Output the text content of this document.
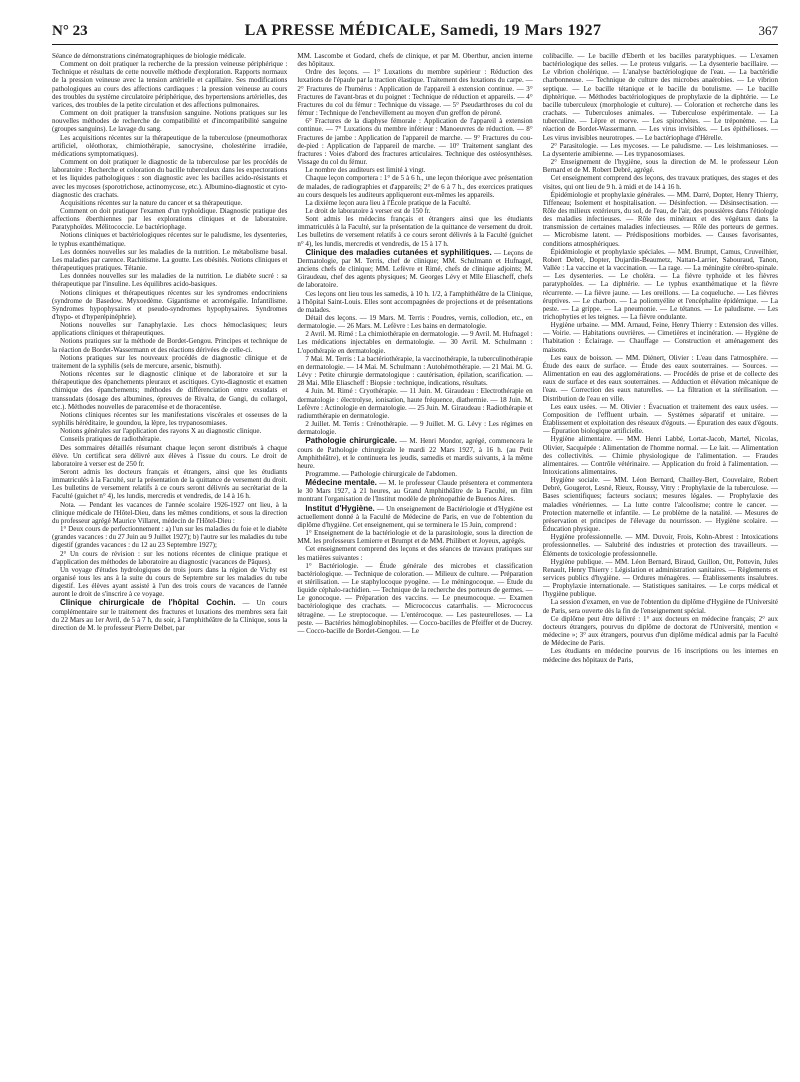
N° 23	LA PRESSE MÉDICALE, Samedi, 19 Mars 1927	367

Séance de démonstrations cinématographiques de biologie médicale.

Comment on doit pratiquer la recherche de la pression veineuse périphérique : Technique et résultats de cette nouvelle méthode d'exploration. Rapports normaux de la pression veineuse avec la tension artérielle et capillaire. Ses modifications pathologiques au cours des affections cardiaques : la pression veineuse au cours des troubles du système circulatoire périphérique, des hypertensions artérielles, des varices, des troubles de la petite circulation et des affections pulmonaires.

Comment on doit pratiquer la transfusion sanguine. Notions pratiques sur les nouvelles méthodes de recherche de compatibilité et d'incompatibilité sanguine (groupes sanguins). Le lavage du sang.

Les acquisitions récentes sur la thérapeutique de la tuberculose (pneumothorax artificiel, oléothorax, chimiothérapie, sanocrysine, cholestérine irradiée, médications symptomatiques).

Comment on doit pratiquer le diagnostic de la tuberculose par les procédés de laboratoire : Recherche et coloration du bacille tuberculeux dans les expectorations et les liquides pathologiques : son diagnostic avec les bacilles acido-résistants et avec les mycoses (sporotrichose, actinomycose, etc.). Albumino-diagnostic et cyto-diagnostic des crachats.

Acquisitions récentes sur la nature du cancer et sa thérapeutique.

Comment on doit pratiquer l'examen d'un typhoïdique. Diagnostic pratique des affections éberthiennes par les explorations cliniques et de laboratoire. Paratyphoïdes. Mélitococcie. Le bactériophage.

Notions cliniques et bactériologiques récentes sur le paludisme, les dysenteries, le typhus exanthématique.

Les données nouvelles sur les maladies de la nutrition. Le métabolisme basal. Les maladies par carence. Rachitisme. La goutte. Les obésités. Notions cliniques et thérapeutiques pratiques. Tétanie.

Les données nouvelles sur les maladies de la nutrition. Le diabète sucré : sa thérapeutique par l'insuline. Les équilibres acido-basiques.

Notions cliniques et thérapeutiques récentes sur les syndromes endocriniens (syndrome de Basedow. Myxoedème. Gigantisme et acromégalie. Infantilisme. Syndromes hypophysaires et pseudo-syndromes hypophysaires. Syndromes d'hypo- et d'hyperépinéphrie).

Notions nouvelles sur l'anaphylaxie. Les chocs hémoclasiques; leurs applications cliniques et thérapeutiques.

Notions pratiques sur la méthode de Bordet-Gengou. Principes et technique de la réaction de Bordet-Wassermann et des réactions dérivées de celle-ci.

Notions pratiques sur les nouveaux procédés de diagnostic clinique et de traitement de la syphilis (sels de mercure, arsenic, bismuth).

Notions récentes sur le diagnostic clinique et de laboratoire et sur la thérapeutique des épanchements pleuraux et ascitiques. Cyto-diagnostic et examen chimique des épanchements; méthodes de différenciation entre exsudats et transsudats (dosage des albumines, épreuves de Rivalta, de Gangi, du collargol, etc.). Méthodes nouvelles de paracentèse et de thoracentèse.

Notions cliniques récentes sur les manifestations viscérales et osseuses de la syphilis héréditaire, le goundou, la lèpre, les trypanosomiases.

Notions générales sur l'application des rayons X au diagnostic clinique.

Conseils pratiques de radiothérapie.

Des sommaires détaillés résumant chaque leçon seront distribués à chaque élève. Un certificat sera délivré aux élèves à l'issue du cours. Le droit de laboratoire à verser est de 250 fr.

Seront admis les docteurs français et étrangers, ainsi que les étudiants immatriculés à la Faculté, sur la présentation de la quittance de versement du droit. Les bulletins de versement relatifs à ce cours seront délivrés au secrétariat de la Faculté (guichet n° 4), les lundis, mercredis et vendredis, de 14 à 16 h.

Nota. — Pendant les vacances de l'année scolaire 1926-1927 ont lieu, à la clinique médicale de l'Hôtel-Dieu, dans les mêmes conditions, et sous la direction du professeur agrégé Maurice Villaret, médecin de l'Hôtel-Dieu :

1° Deux cours de perfectionnement : a) l'un sur les maladies du foie et le diabète (grandes vacances : du 27 Juin au 9 Juillet 1927); b) l'autre sur les maladies du tube digestif (grandes vacances : du 12 au 23 Septembre 1927);

2° Un cours de révision : sur les notions récentes de clinique pratique et d'application des méthodes de laboratoire au diagnostic (vacances de Pâques).

Un voyage d'études hydrologiques de trois jours dans la région de Vichy est organisé tous les ans à la suite du cours de Septembre sur les maladies du tube digestif. Les élèves ayant assisté à l'un des trois cours de vacances de l'année auront le droit de s'inscrire à ce voyage.

Clinique chirurgicale de l'hôpital Cochin. — Un cours complémentaire sur le traitement des fractures et luxations des membres sera fait du 22 Mars au 1er Avril, de 5 à 7 h, du soir, à l'amphithéâtre de la Clinique, sous la direction de M. le professeur Pierre Delbet, par

MM. Lascombe et Godard, chefs de clinique, et par M. Oberthur, ancien interne des hôpitaux.

Ordre des leçons. — 1° Luxations du membre supérieur : Réduction des luxations de l'épaule par la traction élastique. Traitement des luxations du carpe. — 2° Fractures de l'humérus : Application de l'appareil à extension continue. — 3° Fractures de l'avant-bras et du poignet : Technique de réduction et appareils. — 4° Fractures du col du fémur : Technique du vissage. — 5° Pseudarthroses du col du fémur : Technique de l'enchevillement au moyen d'un greffon de péroné.

6° Fractures de la diaphyse fémorale : Application de l'appareil à extension continue. — 7° Luxations du membre inférieur : Manoeuvres de réduction. — 8° Fractures de jambe : Application de l'appareil de marche. — 9° Fractures du cou-de-pied : Application de l'appareil de marche. — 10° Traitement sanglant des fractures : Voies d'abord des fractures articulaires. Technique des ostéosynthèses. Vissage du col du fémur.

Le nombre des auditeurs est limité à vingt.

Chaque leçon comportera : 1° de 5 à 6 h., une leçon théorique avec présentation de malades, de radiographies et d'appareils; 2° de 6 à 7 h., des exercices pratiques au cours desquels les auditeurs appliqueront eux-mêmes les appareils.

La dixième leçon aura lieu à l'École pratique de la Faculté.

Le droit de laboratoire à verser est de 150 fr.

Sont admis les médecins français et étrangers ainsi que les étudiants immatriculés à la Faculté, sur la présentation de la quittance de versement du droit. Les bulletins de versement relatifs à ce cours seront délivrés à la Faculté (guichet n° 4), les lundis, mercredis et vendredis, de 15 à 17 h.

Clinique des maladies cutanées et syphilitiques. — Leçons de Dermatologie, par M. Terris, chef de clinique; MM. Schulmann et Hufnagel, anciens chefs de clinique; MM. Lefèvre et Rimé, chefs de clinique adjoints; M. Giraudeau, chef des agents physiques; M. Georges Lévy et Mlle Eliascheff, chefs de laboratoire.

Ces leçons ont lieu tous les samedis, à 10 h. 1/2, à l'amphithéâtre de la Clinique, à l'hôpital Saint-Louis. Elles sont accompagnées de projections et de présentations de malades.

Détail des leçons. — 19 Mars. M. Terris : Poudres, vernis, collodion, etc., en dermatologie. — 26 Mars. M. Lefèvre : Les bains en dermatologie.

2 Avril. M. Rimé : La chimiothérapie en dermatologie. — 9 Avril. M. Hufnagel : Les médications injectables en dermatologie. — 30 Avril. M. Schulmann : L'opothérapie en dermatologie.

7 Mai. M. Terris : La bactériothérapie, la vaccinothérapie, la tuberculinothérapie en dermatologie. — 14 Mai. M. Schulmann : Autohémothérapie. — 21 Mai. M. G. Lévy : Petite chirurgie dermatologique : cautérisation, épilation, scarification. — 28 Mai. Mlle Eliascheff : Biopsie : technique, indications, résultats.

4 Juin. M. Rimé : Cryothérapie. — 11 Juin. M. Giraudeau : Electrothérapie en dermatologie : électrolyse, ionisation, haute fréquence, diathermie. — 18 Juin. M. Lefèvre : Actinologie en dermatologie. — 25 Juin. M. Giraudeau : Radiothérapie et radiumthérapie en dermatologie.

2 Juillet. M. Terris : Crénothérapie. — 9 Juillet. M. G. Lévy : Les régimes en dermatologie.

Pathologie chirurgicale. — M. Henri Mondor, agrégé, commencera le cours de Pathologie chirurgicale le mardi 22 Mars 1927, à 16 h. (au Petit Amphithéâtre), et le continuera les jeudis, samedis et mardis suivants, à la même heure.

Programme. — Pathologie chirurgicale de l'abdomen.

Médecine mentale. — M. le professeur Claude présentera et commentera le 30 Mars 1927, à 21 heures, au Grand Amphithéâtre de la Faculté, un film montrant l'organisation de l'Institut modèle de phrénopathie de Buenos Aires.

Institut d'Hygiène. — Un enseignement de Bactériologie et d'Hygiène est actuellement donné à la Faculté de Médecine de Paris, en vue de l'obtention du diplôme d'hygiène. Cet enseignement, qui se terminera le 15 Juin, comprend :

1° Enseignement de la bactériologie et de la parasitologie, sous la direction de MM. les professeurs Lemierre et Brumpt et de MM. Philibert et Joyeux, agrégés.

Cet enseignement comprend des leçons et des séances de travaux pratiques sur les matières suivantes :

1° Bactériologie. — Étude générale des microbes et classification bactériologique. — Technique de coloration. — Milieux de culture. — Préparation et stérilisation. — Le staphylocoque pyogène. — Le méningocoque. — Étude du liquide céphalo-rachidien. — Technique de la recherche des porteurs de germes. — Le gonocoque. — Préparation des vaccins. — Le pneumocoque. — Examen bactériologique des crachats. — Micrococcus catarrhalis. — Micrococcus tétragène. — Le streptocoque. — L'entérocoque. — Les pasteurelloses. — La peste. — Bactéries hémoglobinophiles. — Cocco-bacilles de Pfeiffer et de Ducrey. — Cocco-bacille de Bordet-Gengou. — Le

colibacille. — Le bacille d'Eberth et les bacilles paratyphiques. — L'examen bactériologique des selles. — Le proteus vulgaris. — La dysenterie bacillaire. — Le vibrion cholérique. — L'analyse bactériologique de l'eau. — La bactéridie charbonneuse. — Technique de culture des microbes anaérobies. — Le vibrion septique. — Le bacille tétanique et le bacille du botulisme. — Le bacille diphtérique. — Méthodes bactériologiques de prophylaxie de la diphtérie. — Le bacille tuberculeux (morphologie et culture). — Coloration et recherche dans les crachats. — Tuberculoses animales. — Tuberculose expérimentale. — La tuberculine. — Lèpre et morve. — Les spirochètes. — Le tréponème. — La réaction de Bordet-Wassermann. — Les virus invisibles. — Les épithélioses. — Les virus invisibles neurotropes. — Le bactériophage d'Hérelle.

2° Parasitologie. — Les mycoses. — Le paludisme. — Les leishmanioses. — La dysenterie amibienne. — Les trypanosomiases.

2° Enseignement de l'hygiène, sous la direction de M. le professeur Léon Bernard et de M. Robert Debré, agrégé.

Cet enseignement comprend des leçons, des travaux pratiques, des stages et des visites, qui ont lieu de 9 h. à midi et de 14 à 16 h.

Épidémiologie et prophylaxie générales. — MM. Darré, Dopter, Henry Thierry, Tiffeneau; Isolement et hospitalisation. — Désinfection. — Désinsectisation. — Rôle des milieux extérieurs, du sol, de l'eau, de l'air, des poussières dans l'étiologie des maladies infectieuses. — Rôle des minéraux et des végétaux dans la transmission de certaines maladies infectieuses. — Rôle des porteurs de germes. — Microbisme latent. — Prédispositions morbides. — Causes favorisantes, conditions atmosphériques.

Épidémiologie et prophylaxie spéciales. — MM. Brumpt, Camus, Cruveilhier, Robert Debré, Dopter, Dujardin-Beaumetz, Nattan-Larrier, Sabouraud, Tanon, Vallée : La vaccine et la vaccination. — La rage. — La méningite cérébro-spinale. — Les dysenteries. — Le choléra. — La fièvre typhoïde et les fièvres paratyphoïdes. — La diphtérie. — Le typhus exanthématique et la fièvre récurrente. — La fièvre jaune. — Les oreillons. — La coqueluche. — Les fièvres éruptives. — Le charbon. — La poliomyélite et l'encéphalite épidémique. — La peste. — La grippe. — La pneumonie. — Le tétanos. — Le paludisme. — Les trichophyties et les teignes. — La fièvre ondulante.

Hygiène urbaine. — MM. Arnaud, Feine, Henry Thierry : Extension des villes. — Voirie. — Habitations ouvrières. — Cimetières et incinération. — Hygiène de l'habitation : Éclairage. — Chauffage — Construction et aménagement des maisons.

Les eaux de boisson. — MM. Diénert, Olivier : L'eau dans l'atmosphère. — Étude des eaux de surface. — Étude des eaux souterraines. — Sources. — Alimentation en eau des agglomérations. — Procédés de prise et de collecte des eaux de surface et des eaux souterraines. — Adduction et élévation mécanique de l'eau. — Correction des eaux naturelles. — La filtration et la stérilisation. — Distribution de l'eau en ville.

Les eaux usées. — M. Olivier : Évacuation et traitement des eaux usées. — Composition de l'effluent urbain. — Systèmes séparatif et unitaire. — Établissement et exploitation des réseaux d'égouts. — Épuration des eaux d'égouts. — Épuration biologique artificielle.

Hygiène alimentaire. — MM. Henri Labbé, Lortat-Jacob, Martel, Nicolas, Olivier, Sacquépée : Alimentation de l'homme normal. — Le lait. — Alimentation des collectivités. — Chimie physiologique de l'alimentation. — Fraudes alimentaires. — Contrôle vétérinaire. — Application du froid à l'alimentation. — Intoxications alimentaires.

Hygiène sociale. — MM. Léon Bernard, Chailley-Bert, Couvelaire, Robert Debré, Gougerot, Lesné, Rieux, Roussy, Vitry : Prophylaxie de la tuberculose. — Bases scientifiques; facteurs sociaux; mesures légales. — Prophylaxie des maladies vénériennes. — La lutte contre l'alcoolisme; contre le cancer. — Protection maternelle et infantile. — Le problème de la natalité. — Mesures de préservation et principes de l'élevage du nourrisson. — Hygiène scolaire. — Éducation physique.

Hygiène professionnelle. — MM. Duvoir, Frois, Kohn-Abrest : Intoxications professionnelles. — Salubrité des industries et protection des travailleurs. — Éléments de toxicologie professionnelle.

Hygiène publique. — MM. Léon Bernard, Biraud, Guillon, Ott, Pottevin, Jules Renault, Henry Thierry : Législation et administration sanitaires. — Règlements et services publics d'hygiène. — Ordures ménagères. — Établissements insalubres. — Prophylaxie internationale. — Statistiques sanitaires. — Le corps médical et l'hygiène publique.

La session d'examen, en vue de l'obtention du diplôme d'Hygiène de l'Université de Paris, sera ouverte dès la fin de l'enseignement spécial.

Ce diplôme peut être délivré : 1° aux docteurs en médecine français; 2° aux docteurs étrangers, pourvus du diplôme de doctorat de l'Université, mention « médecine »; 3° aux étrangers, pourvus d'un diplôme médical admis par la Faculté de Médecine de Paris.

Les étudiants en médecine pourvus de 16 inscriptions ou les internes en médecine des hôpitaux de Paris,
